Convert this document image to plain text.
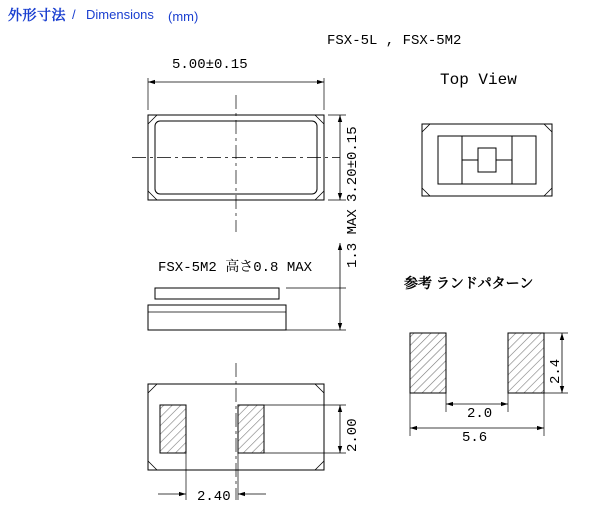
外形寸法 / Dimensions (mm)
FSX-5L , FSX-5M2
Top View
FSX-5M2 高さ0.8 MAX
参考 ランドパターン
5.00±0.15
3.20±0.15
1.3 MAX
2.00
2.40
2.4
2.0
5.6
